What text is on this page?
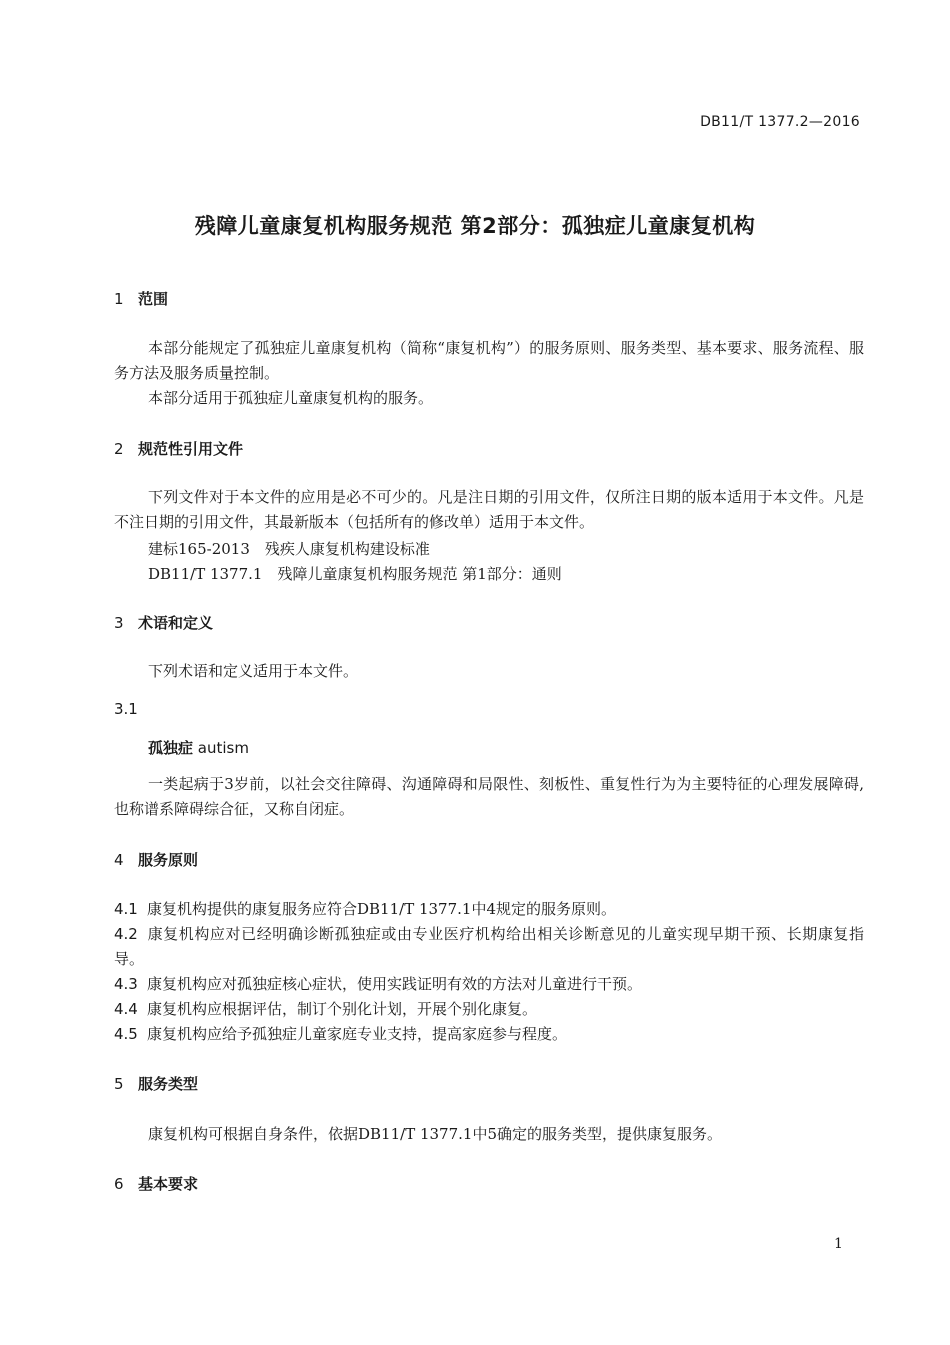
DB11/T 1377.2—2016
残障儿童康复机构服务规范 第2部分：孤独症儿童康复机构
1 范围
本部分能规定了孤独症儿童康复机构（简称“康复机构”）的服务原则、服务类型、基本要求、服务流程、服务方法及服务质量控制。
本部分适用于孤独症儿童康复机构的服务。
2 规范性引用文件
下列文件对于本文件的应用是必不可少的。凡是注日期的引用文件，仅所注日期的版本适用于本文件。凡是不注日期的引用文件，其最新版本（包括所有的修改单）适用于本文件。
建标165-2013　残疾人康复机构建设标准
DB11/T 1377.1　残障儿童康复机构服务规范 第1部分：通则
3 术语和定义
下列术语和定义适用于本文件。
3.1
孤独症 autism
一类起病于3岁前，以社会交往障碍、沟通障碍和局限性、刻板性、重复性行为为主要特征的心理发展障碍,也称谱系障碍综合征，又称自闭症。
4 服务原则
4.1 康复机构提供的康复服务应符合DB11/T 1377.1中4规定的服务原则。
4.2 康复机构应对已经明确诊断孤独症或由专业医疗机构给出相关诊断意见的儿童实现早期干预、长期康复指导。
4.3 康复机构应对孤独症核心症状，使用实践证明有效的方法对儿童进行干预。
4.4 康复机构应根据评估，制订个别化计划，开展个别化康复。
4.5 康复机构应给予孤独症儿童家庭专业支持，提高家庭参与程度。
5 服务类型
康复机构可根据自身条件，依据DB11/T 1377.1中5确定的服务类型，提供康复服务。
6 基本要求
1
